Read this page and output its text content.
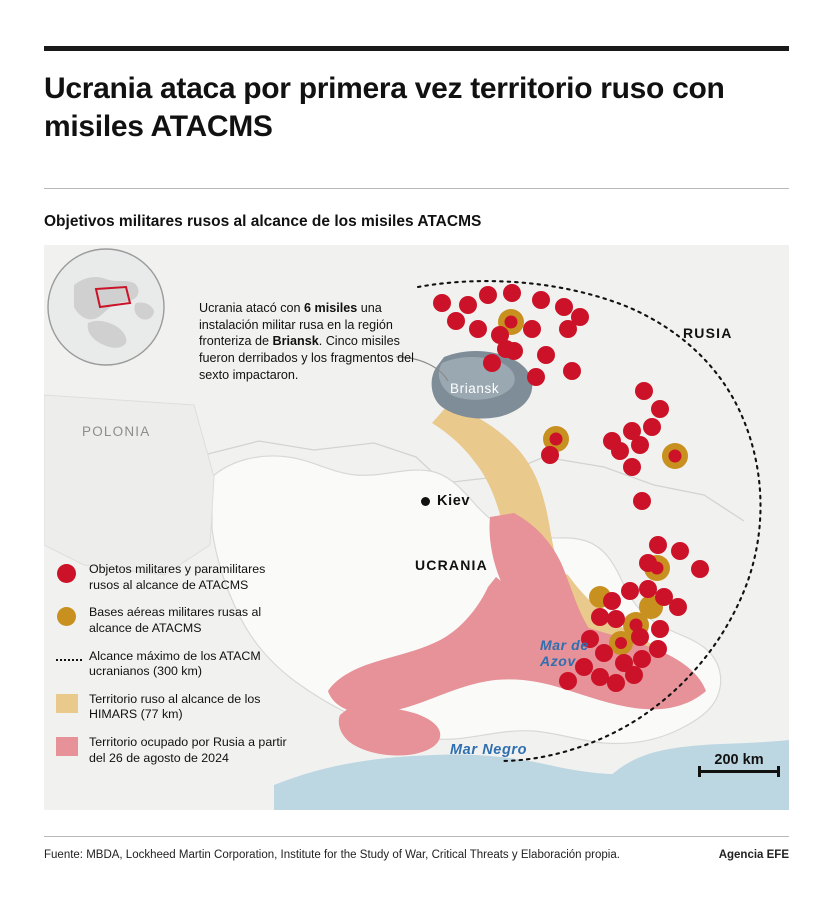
Ucrania ataca por primera vez territorio ruso con misiles ATACMS
Objetivos militares rusos al alcance de los misiles ATACMS
POLONIA
RUSIA
UCRANIA
Briansk
Kiev
Mar de Azov
Mar Negro
Ucrania atacó con 6 misiles una instalación militar rusa en la región fronteriza de Briansk. Cinco misiles fueron derribados y los fragmentos del sexto impactaron.
200 km
Objetos militares y paramilitares rusos al alcance de ATACMS
Bases aéreas militares rusas al alcance de ATACMS
Alcance máximo de los ATACM ucranianos (300 km)
Territorio ruso al alcance de los HIMARS (77 km)
Territorio ocupado por Rusia a partir del 26 de agosto de 2024
Fuente: MBDA, Lockheed Martin Corporation, Institute for the Study of War, Critical Threats y Elaboración propia.	Agencia EFE
